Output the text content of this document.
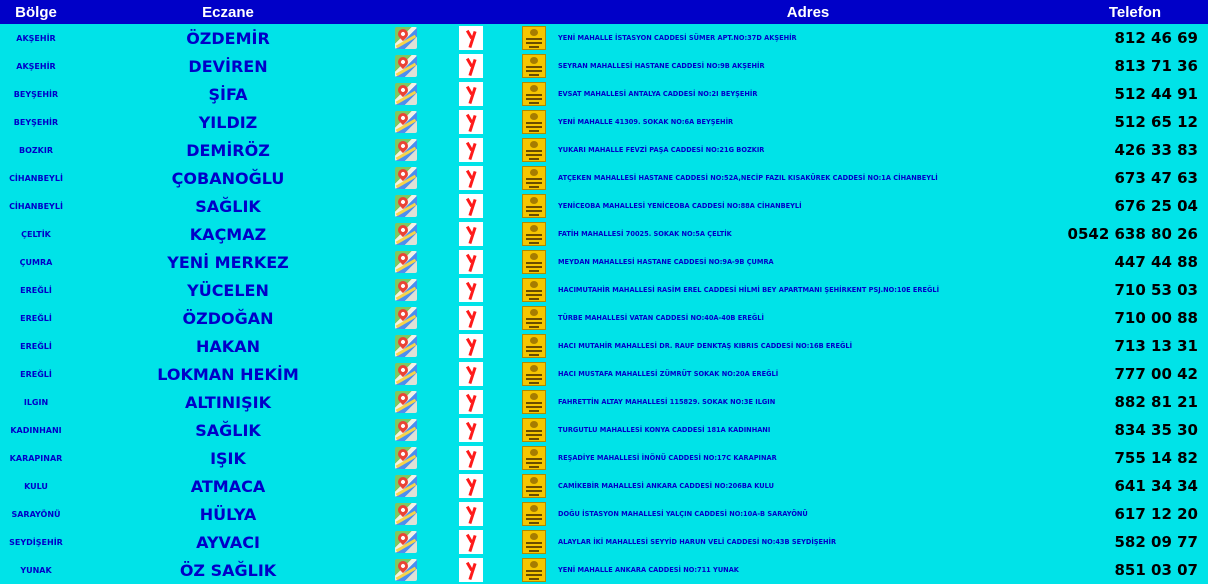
Bölge	Eczane				Adres	Telefon
AKŞEHİR	ÖZDEMİR				YENİ MAHALLE İSTASYON CADDESİ SÜMER APT.NO:37D AKŞEHİR	812 46 69
AKŞEHİR	DEVİREN				SEYRAN MAHALLESİ HASTANE CADDESİ NO:9B AKŞEHİR	813 71 36
BEYŞEHİR	ŞİFA				EVSAT MAHALLESİ ANTALYA CADDESİ NO:2I BEYŞEHİR	512 44 91
BEYŞEHİR	YILDIZ				YENİ MAHALLE 41309. SOKAK NO:6A BEYŞEHİR	512 65 12
BOZKIR	DEMİRÖZ				YUKARI MAHALLE FEVZİ PAŞA CADDESİ NO:21G BOZKIR	426 33 83
CİHANBEYLİ	ÇOBANOĞLU				ATÇEKEN MAHALLESİ HASTANE CADDESİ NO:52A,NECİP FAZIL KISAKÜREK CADDESİ NO:1A CİHANBEYLİ	673 47 63
CİHANBEYLİ	SAĞLIK				YENİCEOBA MAHALLESİ YENİCEOBA CADDESİ NO:88A CİHANBEYLİ	676 25 04
ÇELTİK	KAÇMAZ				FATİH MAHALLESİ 70025. SOKAK NO:5A ÇELTİK	0542 638 80 26
ÇUMRA	YENİ MERKEZ				MEYDAN MAHALLESİ HASTANE CADDESİ NO:9A-9B ÇUMRA	447 44 88
EREĞLİ	YÜCELEN				HACIMUTAHİR MAHALLESİ RASİM EREL CADDESİ HİLMİ BEY APARTMANI ŞEHİRKENT PSJ.NO:10E EREĞLİ	710 53 03
EREĞLİ	ÖZDOĞAN				TÜRBE MAHALLESİ VATAN CADDESİ NO:40A-40B EREĞLİ	710 00 88
EREĞLİ	HAKAN				HACI MUTAHİR MAHALLESİ DR. RAUF DENKTAŞ KIBRIS CADDESİ NO:16B EREĞLİ	713 13 31
EREĞLİ	LOKMAN HEKİM				HACI MUSTAFA MAHALLESİ ZÜMRÜT SOKAK NO:20A EREĞLİ	777 00 42
ILGIN	ALTINIŞIK				FAHRETTİN ALTAY MAHALLESİ 115829. SOKAK NO:3E ILGIN	882 81 21
KADINHANI	SAĞLIK				TURGUTLU MAHALLESİ KONYA CADDESİ 181A KADINHANI	834 35 30
KARAPINAR	IŞIK				REŞADİYE MAHALLESİ İNÖNÜ CADDESİ NO:17C KARAPINAR	755 14 82
KULU	ATMACA				CAMİKEBİR MAHALLESİ ANKARA CADDESİ NO:206BA KULU	641 34 34
SARAYÖNÜ	HÜLYA				DOĞU İSTASYON MAHALLESİ YALÇIN CADDESİ NO:10A-B SARAYÖNÜ	617 12 20
SEYDİŞEHİR	AYVACI				ALAYLAR İKİ MAHALLESİ SEYYİD HARUN VELİ CADDESİ NO:43B SEYDİŞEHİR	582 09 77
YUNAK	ÖZ SAĞLIK				YENİ MAHALLE ANKARA CADDESİ NO:711 YUNAK	851 03 07
